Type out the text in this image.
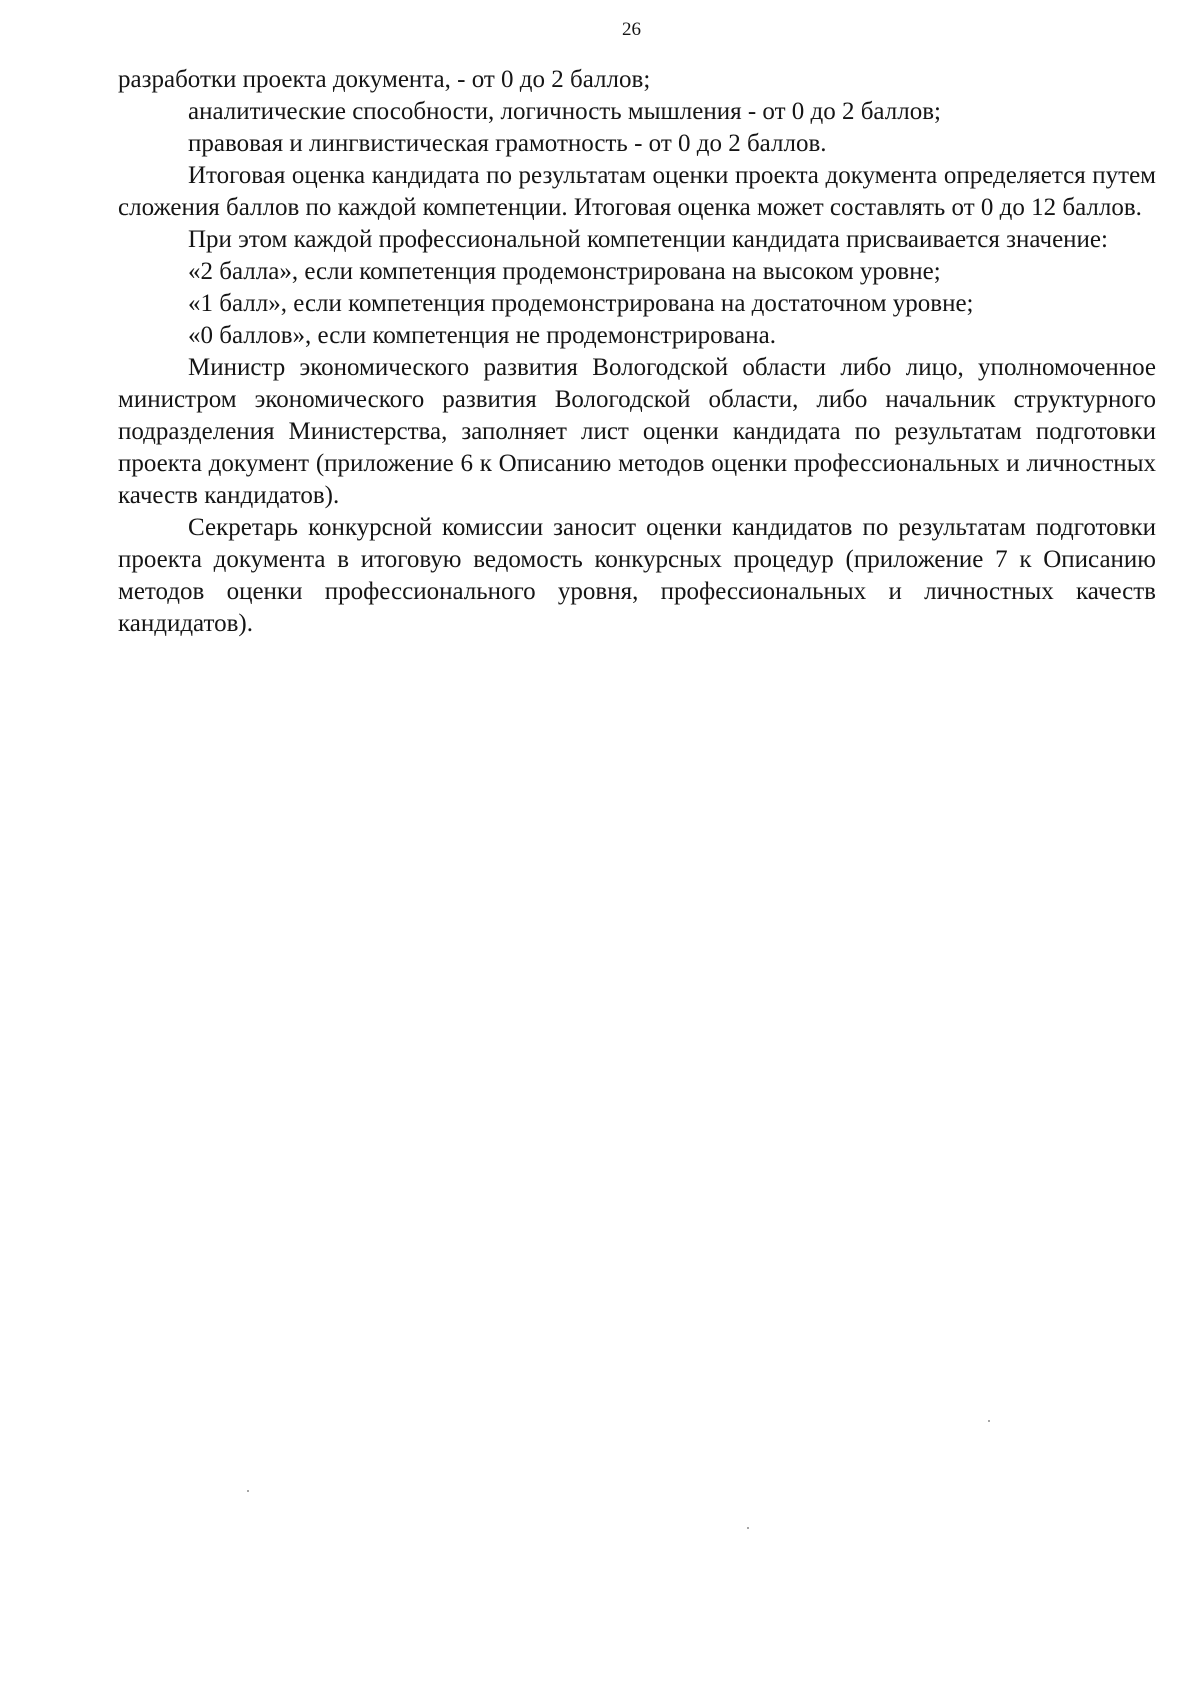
26

разработки проекта документа, - от 0 до 2 баллов;

аналитические способности, логичность мышления - от 0 до 2 баллов;

правовая и лингвистическая грамотность - от 0 до 2 баллов.

Итоговая оценка кандидата по результатам оценки проекта документа определяется путем сложения баллов по каждой компетенции. Итоговая оценка может составлять от 0 до 12 баллов.

При этом каждой профессиональной компетенции кандидата присваивается значение:

«2 балла», если компетенция продемонстрирована на высоком уровне;

«1 балл», если компетенция продемонстрирована на достаточном уровне;

«0 баллов», если компетенция не продемонстрирована.

Министр экономического развития Вологодской области либо лицо, уполномоченное министром экономического развития Вологодской области, либо начальник структурного подразделения Министерства, заполняет лист оценки кандидата по результатам подготовки проекта документ (приложение 6 к Описанию методов оценки профессиональных и личностных качеств кандидатов).

Секретарь конкурсной комиссии заносит оценки кандидатов по результатам подготовки проекта документа в итоговую ведомость конкурсных процедур (приложение 7 к Описанию методов оценки профессионального уровня, профессиональных и личностных качеств кандидатов).
